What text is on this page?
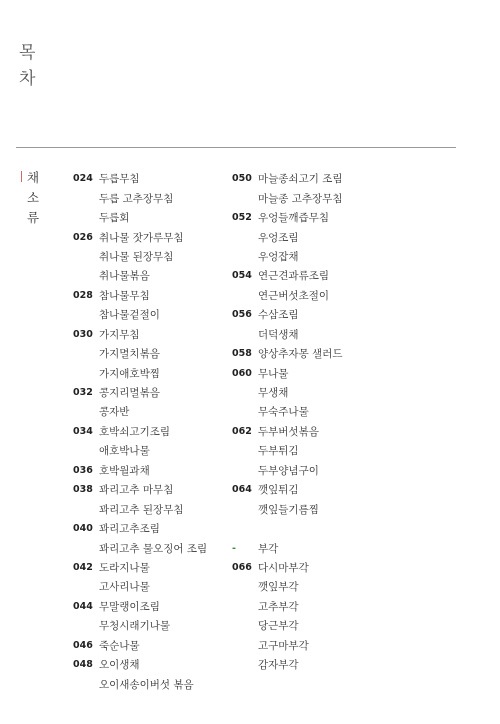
목
차
채
소
류
024 두릅무침
두릅 고추장무침
두릅회
026 취나물 잣가루무침
취나물 된장무침
취나물볶음
028 참나물무침
참나물겉절이
030 가지무침
가지멸치볶음
가지애호박찜
032 콩지리멸볶음
콩자반
034 호박쇠고기조림
애호박나물
036 호박월과채
038 꽈리고추 마무침
꽈리고추 된장무침
040 꽈리고추조림
꽈리고추 물오징어 조림
042 도라지나물
고사리나물
044 무말랭이조림
무청시래기나물
046 죽순나물
048 오이생채
오이새송이버섯 볶음
050 마늘종쇠고기 조림
마늘종 고추장무침
052 우엉들깨즙무침
우엉조림
우엉잡채
054 연근견과류조림
연근버섯초절이
056 수삼조림
더덕생채
058 양상추자몽 샐러드
060 무나물
무생채
무숙주나물
062 두부버섯볶음
두부튀김
두부양념구이
064 깻잎튀김
깻잎들기름찜
-	부각
066 다시마부각
깻잎부각
고추부각
당근부각
고구마부각
감자부각
